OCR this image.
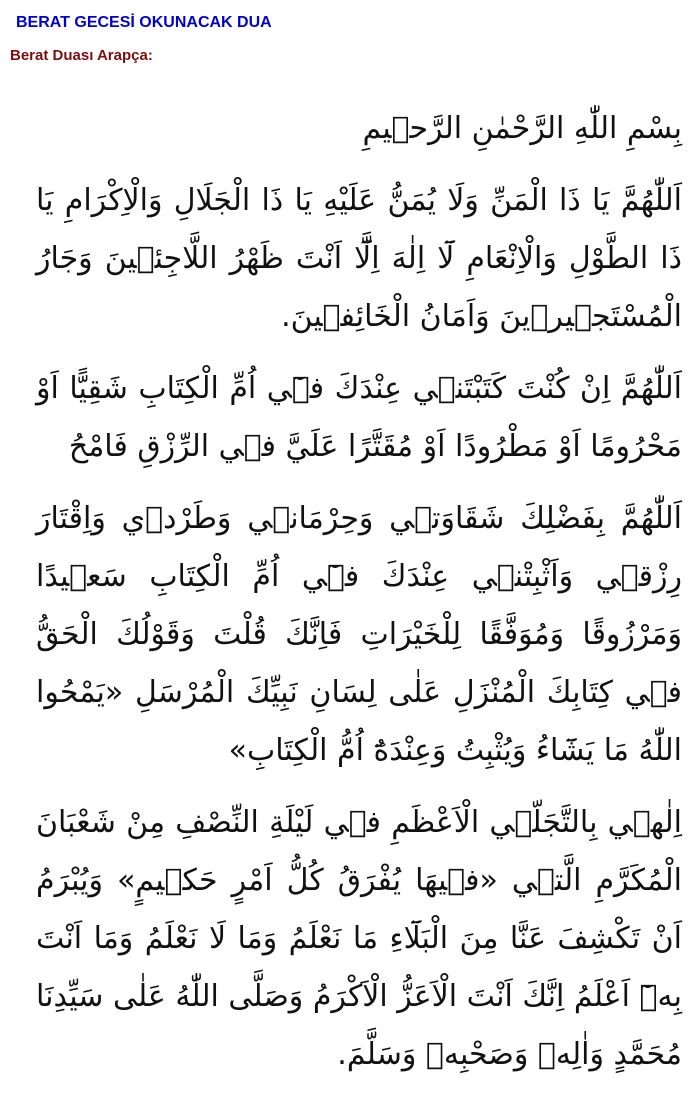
BERAT GECESİ OKUNACAK DUA
Berat Duası Arapça:

بِسْمِ اللّٰهِ الرَّحْمٰنِ الرَّح۪يمِ

اَللّٰهُمَّ يَا ذَا الْمَنِّ وَلَا يُمَنُّ عَلَيْهِ يَا ذَا الْجَلَالِ وَالْاِكْرَامِ يَا ذَا الطَّوْلِ وَالْاِنْعَامِ لَٓا اِلٰهَ اِلَّٓا اَنْتَ ظَهْرُ اللَّاجِئ۪ينَ وَجَارُ الْمُسْتَج۪ير۪ينَ وَاَمَانُ الْخَائِف۪ينَ.

اَللّٰهُمَّ اِنْ كُنْتَ كَتَبْتَن۪ي عِنْدَكَ ف۪ٓي اُمِّ الْكِتَابِ شَقِيًّا اَوْ مَحْرُومًا اَوْ مَطْرُودًا اَوْ مُقَتَّرًا عَلَيَّ ف۪ي الرِّزْقِ فَامْحُ

اَللّٰهُمَّ بِفَضْلِكَ شَقَاوَت۪ي وَحِرْمَان۪ي وَطَرْد۪ي وَاِقْتَارَ رِزْق۪ي وَاَثْبِتْن۪ي عِنْدَكَ ف۪ٓي اُمِّ الْكِتَابِ سَع۪يدًا وَمَرْزُوقًا وَمُوَفَّقًا لِلْخَيْرَاتِ فَاِنَّكَ قُلْتَ وَقَوْلُكَ الْحَقُّ ف۪ي كِتَابِكَ الْمُنْزَلِ عَلٰى لِسَانِ نَبِيِّكَ الْمُرْسَلِ «يَمْحُوا اللّٰهُ مَا يَشَٓاءُ وَيُثْبِتُ وَعِنْدَهُٓ اُمُّ الْكِتَابِ»

اِلٰه۪ي بِالتَّجَلّ۪ي الْاَعْظَمِ ف۪ي لَيْلَةِ النِّصْفِ مِنْ شَعْبَانَ الْمُكَرَّمِ الَّت۪ي «ف۪يهَا يُفْرَقُ كُلُّ اَمْرٍ حَك۪يمٍ» وَيُبْرَمُ اَنْ تَكْشِفَ عَنَّا مِنَ الْبَلَٓاءِ مَا نَعْلَمُ وَمَا لَا نَعْلَمُ وَمَا اَنْتَ بِه۪ٓ اَعْلَمُ اِنَّكَ اَنْتَ الْاَعَزُّ الْاَكْرَمُ وَصَلَّى اللّٰهُ عَلٰى سَيِّدِنَا مُحَمَّدٍ وَاٰلِه۪ وَصَحْبِه۪ وَسَلَّمَ.
